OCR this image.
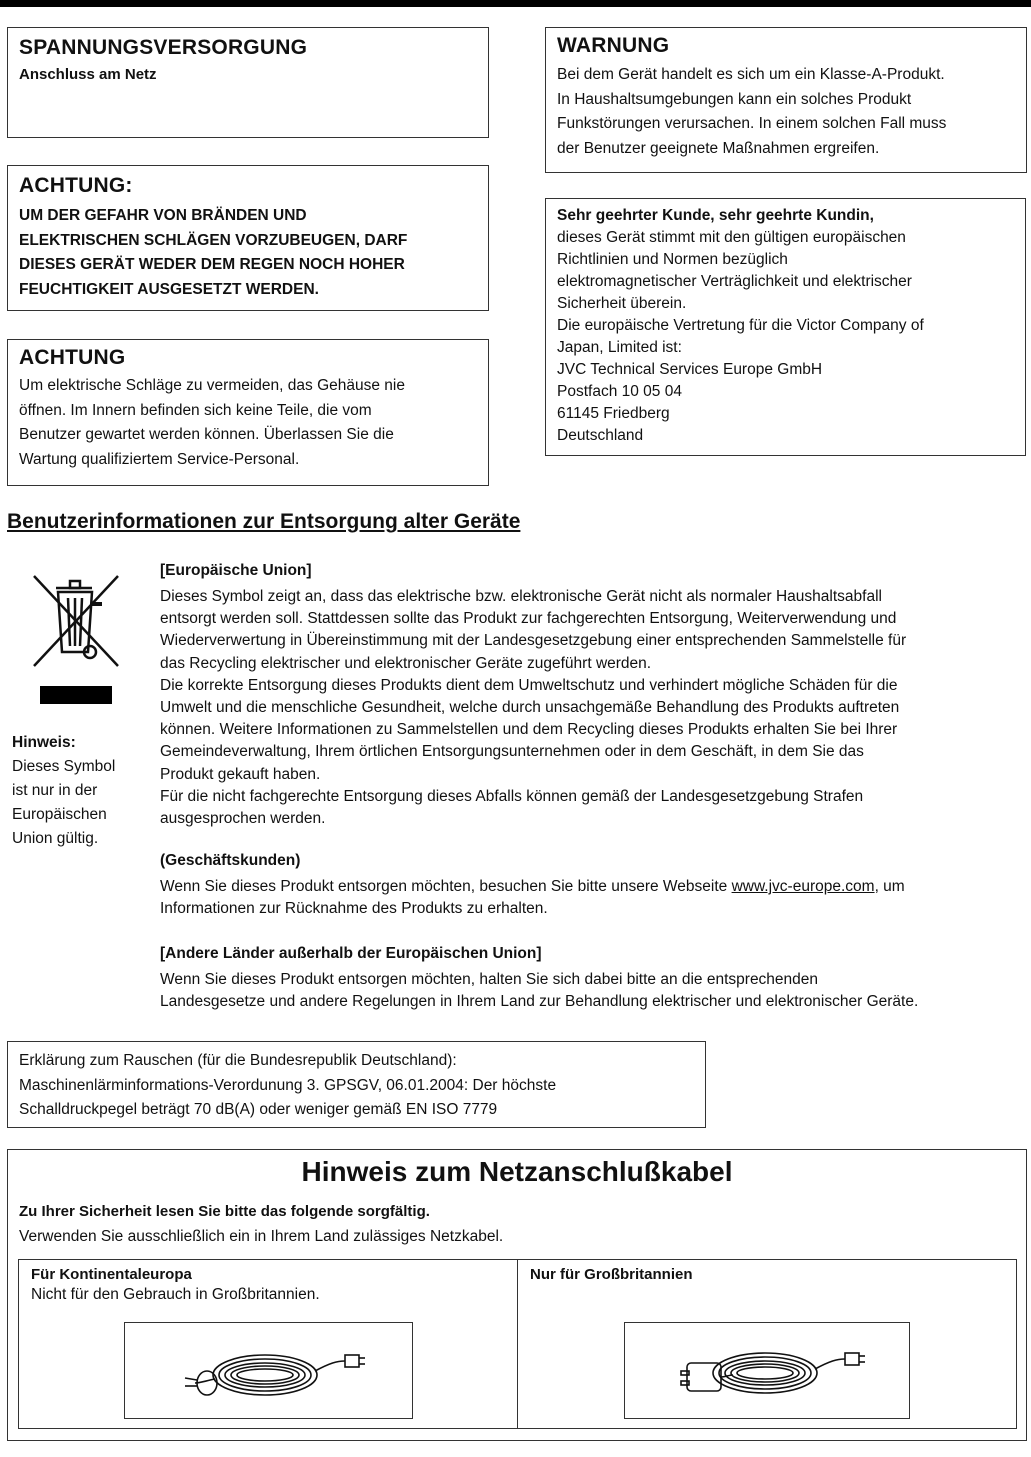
SPANNUNGSVERSORGUNG

Anschluss am Netz

ACHTUNG:

UM DER GEFAHR VON BRÄNDEN UND

ELEKTRISCHEN SCHLÄGEN VORZUBEUGEN, DARF

DIESES GERÄT WEDER DEM REGEN NOCH HOHER

FEUCHTIGKEIT AUSGESETZT WERDEN.

ACHTUNG

Um elektrische Schläge zu vermeiden, das Gehäuse nie

öffnen. Im Innern befinden sich keine Teile, die vom

Benutzer gewartet werden können. Überlassen Sie die

Wartung qualifiziertem Service-Personal.

WARNUNG

Bei dem Gerät handelt es sich um ein Klasse-A-Produkt.

In Haushaltsumgebungen kann ein solches Produkt

Funkstörungen verursachen. In einem solchen Fall muss

der Benutzer geeignete Maßnahmen ergreifen.

Sehr geehrter Kunde, sehr geehrte Kundin,

dieses Gerät stimmt mit den gültigen europäischen

Richtlinien und Normen bezüglich

elektromagnetischer Verträglichkeit und elektrischer

Sicherheit überein.

Die europäische Vertretung für die Victor Company of

Japan, Limited ist:

JVC Technical Services Europe GmbH

Postfach 10 05 04

61145 Friedberg

Deutschland

Benutzerinformationen zur Entsorgung alter Geräte

Hinweis:
Dieses Symbol
ist nur in der
Europäischen
Union gültig.

[Europäische Union]

Dieses Symbol zeigt an, dass das elektrische bzw. elektronische Gerät nicht als normaler Haushaltsabfall

entsorgt werden soll. Stattdessen sollte das Produkt zur fachgerechten Entsorgung, Weiterverwendung und

Wiederverwertung in Übereinstimmung mit der Landesgesetzgebung einer entsprechenden Sammelstelle für

das Recycling elektrischer und elektronischer Geräte zugeführt werden.

Die korrekte Entsorgung dieses Produkts dient dem Umweltschutz und verhindert mögliche Schäden für die

Umwelt und die menschliche Gesundheit, welche durch unsachgemäße Behandlung des Produkts auftreten

können. Weitere Informationen zu Sammelstellen und dem Recycling dieses Produkts erhalten Sie bei Ihrer

Gemeindeverwaltung, Ihrem örtlichen Entsorgungsunternehmen oder in dem Geschäft, in dem Sie das

Produkt gekauft haben.

Für die nicht fachgerechte Entsorgung dieses Abfalls können gemäß der Landesgesetzgebung Strafen

ausgesprochen werden.

(Geschäftskunden)

Wenn Sie dieses Produkt entsorgen möchten, besuchen Sie bitte unsere Webseite www.jvc-europe.com, um

Informationen zur Rücknahme des Produkts zu erhalten.

[Andere Länder außerhalb der Europäischen Union]

Wenn Sie dieses Produkt entsorgen möchten, halten Sie sich dabei bitte an die entsprechenden

Landesgesetze und andere Regelungen in Ihrem Land zur Behandlung elektrischer und elektronischer Geräte.

Erklärung zum Rauschen (für die Bundesrepublik Deutschland):

Maschinenlärminformations-Verordunung 3. GPSGV, 06.01.2004: Der höchste

Schalldruckpegel beträgt 70 dB(A) oder weniger gemäß EN ISO 7779

Hinweis zum Netzanschlußkabel

Zu Ihrer Sicherheit lesen Sie bitte das folgende sorgfältig.

Verwenden Sie ausschließlich ein in Ihrem Land zulässiges Netzkabel.

Für Kontinentaleuropa

Nicht für den Gebrauch in Großbritannien.

Nur für Großbritannien
